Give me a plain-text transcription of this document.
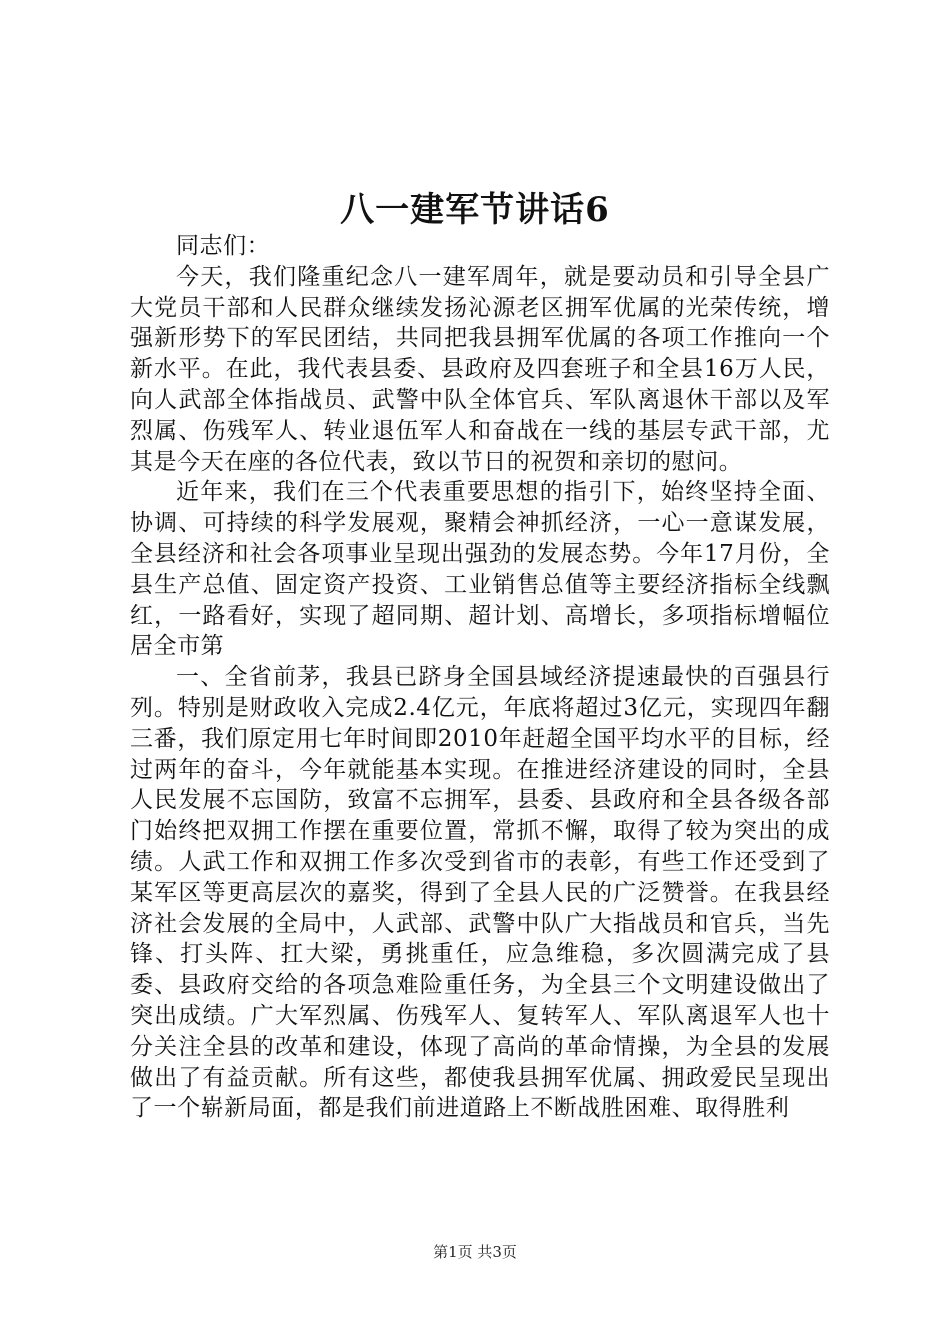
八一建军节讲话6

同志们：

今天，我们隆重纪念八一建军周年，就是要动员和引导全县广大党员干部和人民群众继续发扬沁源老区拥军优属的光荣传统，增强新形势下的军民团结，共同把我县拥军优属的各项工作推向一个新水平。在此，我代表县委、县政府及四套班子和全县16万人民，向人武部全体指战员、武警中队全体官兵、军队离退休干部以及军烈属、伤残军人、转业退伍军人和奋战在一线的基层专武干部，尤其是今天在座的各位代表，致以节日的祝贺和亲切的慰问。

近年来，我们在三个代表重要思想的指引下，始终坚持全面、协调、可持续的科学发展观，聚精会神抓经济，一心一意谋发展，全县经济和社会各项事业呈现出强劲的发展态势。今年17月份，全县生产总值、固定资产投资、工业销售总值等主要经济指标全线飘红，一路看好，实现了超同期、超计划、高增长，多项指标增幅位居全市第

一、全省前茅，我县已跻身全国县域经济提速最快的百强县行列。特别是财政收入完成2.4亿元，年底将超过3亿元，实现四年翻三番，我们原定用七年时间即2010年赶超全国平均水平的目标，经过两年的奋斗，今年就能基本实现。在推进经济建设的同时，全县人民发展不忘国防，致富不忘拥军，县委、县政府和全县各级各部门始终把双拥工作摆在重要位置，常抓不懈，取得了较为突出的成绩。人武工作和双拥工作多次受到省市的表彰，有些工作还受到了某军区等更高层次的嘉奖，得到了全县人民的广泛赞誉。在我县经济社会发展的全局中，人武部、武警中队广大指战员和官兵，当先锋、打头阵、扛大梁，勇挑重任，应急维稳，多次圆满完成了县委、县政府交给的各项急难险重任务，为全县三个文明建设做出了突出成绩。广大军烈属、伤残军人、复转军人、军队离退军人也十分关注全县的改革和建设，体现了高尚的革命情操，为全县的发展做出了有益贡献。所有这些，都使我县拥军优属、拥政爱民呈现出了一个崭新局面，都是我们前进道路上不断战胜困难、取得胜利

第1页 共3页
